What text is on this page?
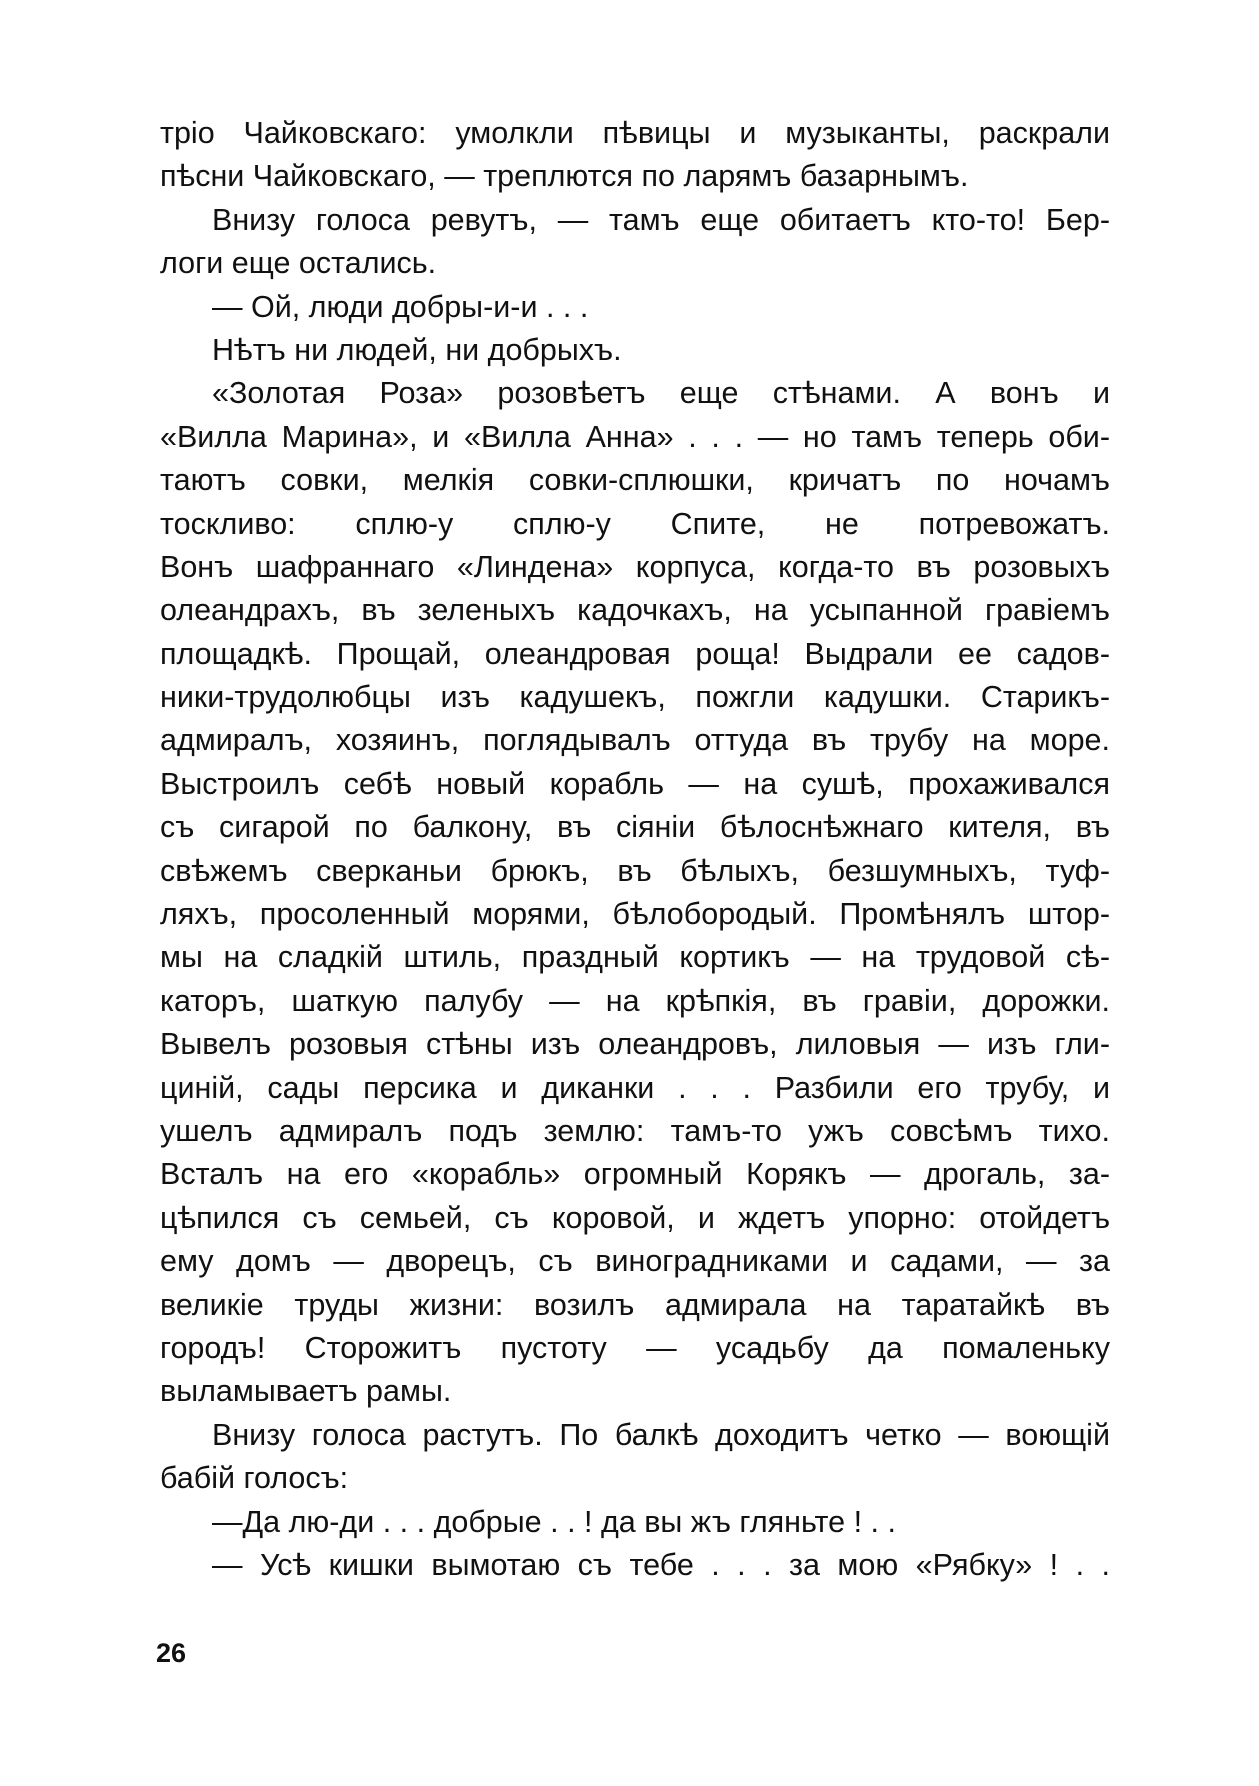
тріо Чайковскаго: умолкли пѣвицы и музыканты, раскрали
пѣсни Чайковскаго, — треплются по ларямъ базарнымъ.
Внизу голоса ревутъ, — тамъ еще обитаетъ кто-то! Бер-
логи еще остались.
— Ой, люди добры-и-и . . .
Нѣтъ ни людей, ни добрыхъ.
«Золотая Роза» розовѣетъ еще стѣнами. А вонъ и
«Вилла Марина», и «Вилла Анна» . . . — но тамъ теперь оби-
таютъ совки, мелкія совки-сплюшки, кричатъ по ночамъ
тоскливо: сплю-у сплю-у Спите, не потревожатъ.
Вонъ шафраннаго «Линдена» корпуса, когда-то въ розовыхъ
олеандрахъ, въ зеленыхъ кадочкахъ, на усыпанной гравіемъ
площадкѣ. Прощай, олеандровая роща! Выдрали ее садов-
ники-трудолюбцы изъ кадушекъ, пожгли кадушки. Старикъ-
адмиралъ, хозяинъ, поглядывалъ оттуда въ трубу на море.
Выстроилъ себѣ новый корабль — на сушѣ, прохаживался
съ сигарой по балкону, въ сіяніи бѣлоснѣжнаго кителя, въ
свѣжемъ сверканьи брюкъ, въ бѣлыхъ, безшумныхъ, туф-
ляхъ, просоленный морями, бѣлобородый. Промѣнялъ штор-
мы на сладкій штиль, праздный кортикъ — на трудовой сѣ-
каторъ, шаткую палубу — на крѣпкія, въ гравіи, дорожки.
Вывелъ розовыя стѣны изъ олеандровъ, лиловыя — изъ гли-
циній, сады персика и диканки . . . Разбили его трубу, и
ушелъ адмиралъ подъ землю: тамъ-то ужъ совсѣмъ тихо.
Всталъ на его «корабль» огромный Корякъ — дрогаль, за-
цѣпился съ семьей, съ коровой, и ждетъ упорно: отойдетъ
ему домъ — дворецъ, съ виноградниками и садами, — за
великіе труды жизни: возилъ адмирала на таратайкѣ въ
городъ! Сторожитъ пустоту — усадьбу да помаленьку
выламываетъ рамы.
Внизу голоса растутъ. По балкѣ доходитъ четко — воющій
бабій голосъ:
—Да лю-ди . . . добрые . . ! да вы жъ гляньте ! . .
— Усѣ кишки вымотаю съ тебе . . . за мою «Рябку» ! . .
26
